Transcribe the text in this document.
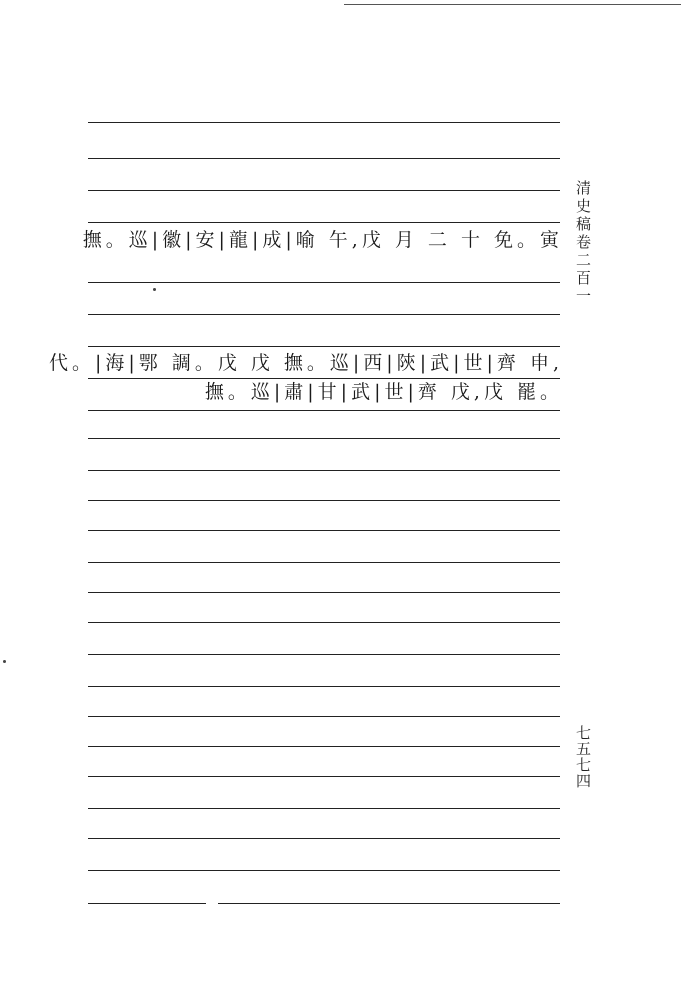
撫。巡|徽|安|龍|成|喻 午,戊 月 二 十 免。寅
代。|海|鄂 調。戊 戊 撫。巡|西|陝|武|世|齊 申,
撫。巡|肅|甘|武|世|齊 戊,戊 罷。
清史稿卷二百一
七五七四
